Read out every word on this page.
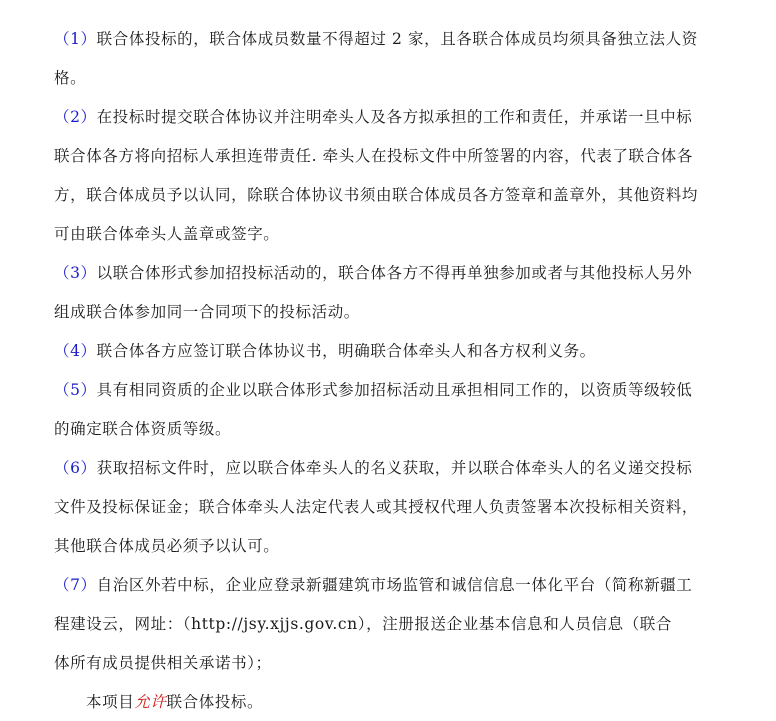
（1）联合体投标的，联合体成员数量不得超过 2 家，且各联合体成员均须具备独立法人资
格。
（2）在投标时提交联合体协议并注明牵头人及各方拟承担的工作和责任，并承诺一旦中标
联合体各方将向招标人承担连带责任. 牵头人在投标文件中所签署的内容，代表了联合体各
方，联合体成员予以认同，除联合体协议书须由联合体成员各方签章和盖章外，其他资料均
可由联合体牵头人盖章或签字。
（3）以联合体形式参加招投标活动的，联合体各方不得再单独参加或者与其他投标人另外
组成联合体参加同一合同项下的投标活动。
（4）联合体各方应签订联合体协议书，明确联合体牵头人和各方权利义务。
（5）具有相同资质的企业以联合体形式参加招标活动且承担相同工作的，以资质等级较低
的确定联合体资质等级。
（6）获取招标文件时，应以联合体牵头人的名义获取，并以联合体牵头人的名义递交投标
文件及投标保证金；联合体牵头人法定代表人或其授权代理人负责签署本次投标相关资料，
其他联合体成员必须予以认可。
（7）自治区外若中标，企业应登录新疆建筑市场监管和诚信信息一体化平台（简称新疆工
程建设云，网址：（http://jsy.xjjs.gov.cn），注册报送企业基本信息和人员信息（联合
体所有成员提供相关承诺书）；
本项目允许联合体投标。
